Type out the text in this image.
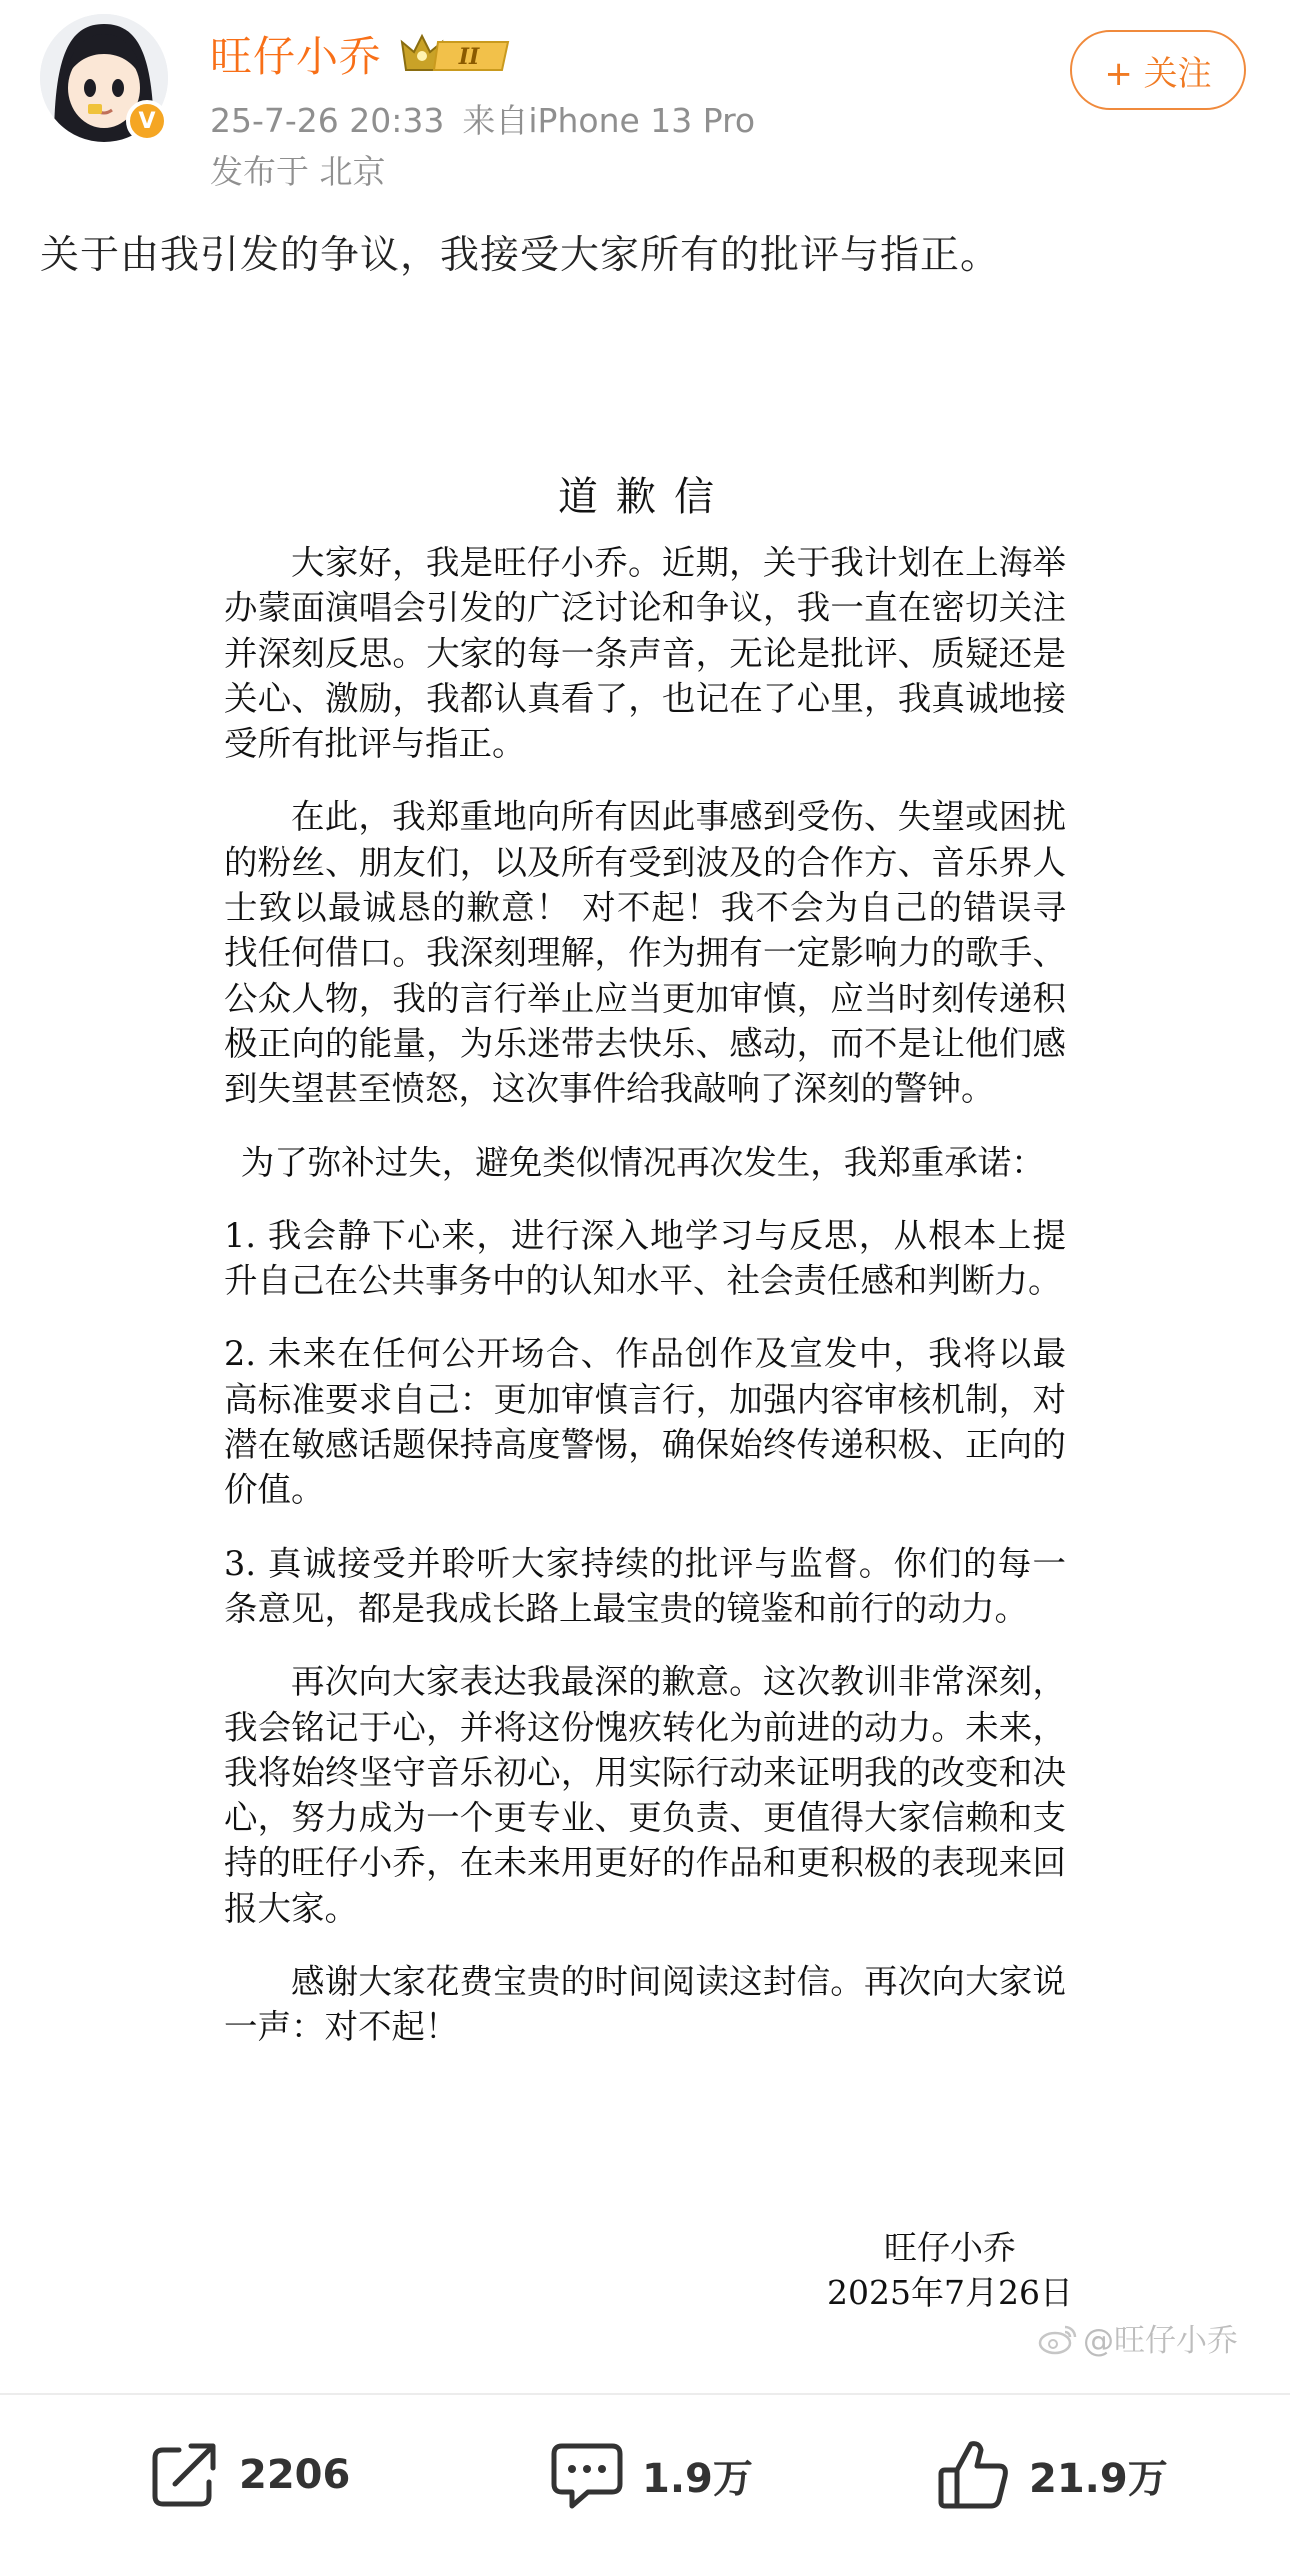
V
旺仔小乔	II
25-7-26 20:33 来自iPhone 13 Pro
发布于 北京
+ 关注
关于由我引发的争议，我接受大家所有的批评与指正。
道歉信

大家好，我是旺仔小乔。近期，关于我计划在上海举办蒙面演唱会引发的广泛讨论和争议，我一直在密切关注并深刻反思。大家的每一条声音，无论是批评、质疑还是关心、激励，我都认真看了，也记在了心里，我真诚地接受所有批评与指正。

在此，我郑重地向所有因此事感到受伤、失望或困扰的粉丝、朋友们，以及所有受到波及的合作方、音乐界人士致以最诚恳的歉意！ 对不起！我不会为自己的错误寻找任何借口。我深刻理解，作为拥有一定影响力的歌手、公众人物，我的言行举止应当更加审慎，应当时刻传递积极正向的能量，为乐迷带去快乐、感动，而不是让他们感到失望甚至愤怒，这次事件给我敲响了深刻的警钟。

为了弥补过失，避免类似情况再次发生，我郑重承诺：

1. 我会静下心来，进行深入地学习与反思，从根本上提升自己在公共事务中的认知水平、社会责任感和判断力。

2. 未来在任何公开场合、作品创作及宣发中，我将以最高标准要求自己：更加审慎言行，加强内容审核机制，对潜在敏感话题保持高度警惕，确保始终传递积极、正向的价值。

3. 真诚接受并聆听大家持续的批评与监督。你们的每一条意见，都是我成长路上最宝贵的镜鉴和前行的动力。

再次向大家表达我最深的歉意。这次教训非常深刻，我会铭记于心，并将这份愧疚转化为前进的动力。未来，我将始终坚守音乐初心，用实际行动来证明我的改变和决心，努力成为一个更专业、更负责、更值得大家信赖和支持的旺仔小乔，在未来用更好的作品和更积极的表现来回报大家。

感谢大家花费宝贵的时间阅读这封信。再次向大家说一声：对不起！

旺仔小乔
2025年7月26日
@旺仔小乔
2206	1.9万	21.9万
